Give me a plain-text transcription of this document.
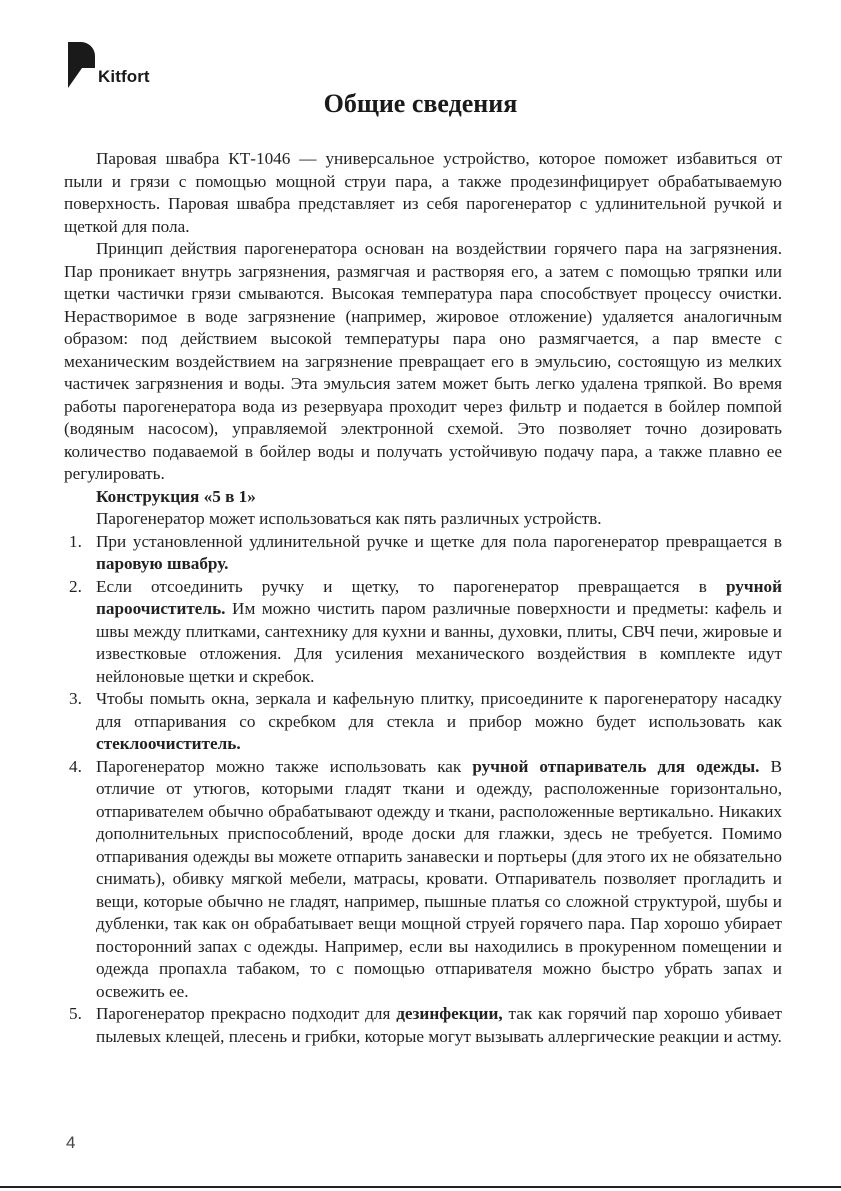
Kitfort
Общие сведения

Паровая швабра КТ-1046 — универсальное устройство, которое поможет избавиться от пыли и грязи с помощью мощной струи пара, а также продезинфицирует обрабатываемую поверхность. Паровая швабра представляет из себя парогенератор с удлинительной ручкой и щеткой для пола.

Принцип действия парогенератора основан на воздействии горячего пара на загрязнения. Пар проникает внутрь загрязнения, размягчая и растворяя его, а затем с помощью тряпки или щетки частички грязи смываются. Высокая температура пара способствует процессу очистки. Нерастворимое в воде загрязнение (например, жировое отложение) удаляется аналогичным образом: под действием высокой температуры пара оно размягчается, а пар вместе с механическим воздействием на загрязнение превращает его в эмульсию, состоящую из мелких частичек загрязнения и воды. Эта эмульсия затем может быть легко удалена тряпкой. Во время работы парогенератора вода из резервуара проходит через фильтр и подается в бойлер помпой (водяным насосом), управляемой электронной схемой. Это позволяет точно дозировать количество подаваемой в бойлер воды и получать устойчивую подачу пара, а также плавно ее регулировать.

Конструкция «5 в 1»

Парогенератор может использоваться как пять различных устройств.

1. При установленной удлинительной ручке и щетке для пола парогенератор превращается в паровую швабру.
2. Если отсоединить ручку и щетку, то парогенератор превращается в ручной пароочиститель. Им можно чистить паром различные поверхности и предметы: кафель и швы между плитками, сантехнику для кухни и ванны, духовки, плиты, СВЧ печи, жировые и известковые отложения. Для усиления механического воздействия в комплекте идут нейлоновые щетки и скребок.
3. Чтобы помыть окна, зеркала и кафельную плитку, присоедините к парогенератору насадку для отпаривания со скребком для стекла и прибор можно будет использовать как стеклоочиститель.
4. Парогенератор можно также использовать как ручной отпариватель для одежды. В отличие от утюгов, которыми гладят ткани и одежду, расположенные горизонтально, отпаривателем обычно обрабатывают одежду и ткани, расположенные вертикально. Никаких дополнительных приспособлений, вроде доски для глажки, здесь не требуется. Помимо отпаривания одежды вы можете отпарить занавески и портьеры (для этого их не обязательно снимать), обивку мягкой мебели, матрасы, кровати. Отпариватель позволяет прогладить и вещи, которые обычно не гладят, например, пышные платья со сложной структурой, шубы и дубленки, так как он обрабатывает вещи мощной струей горячего пара. Пар хорошо убирает посторонний запах с одежды. Например, если вы находились в прокуренном помещении и одежда пропахла табаком, то с помощью отпаривателя можно быстро убрать запах и освежить ее.
5. Парогенератор прекрасно подходит для дезинфекции, так как горячий пар хорошо убивает пылевых клещей, плесень и грибки, которые могут вызывать аллергические реакции и астму.
4
